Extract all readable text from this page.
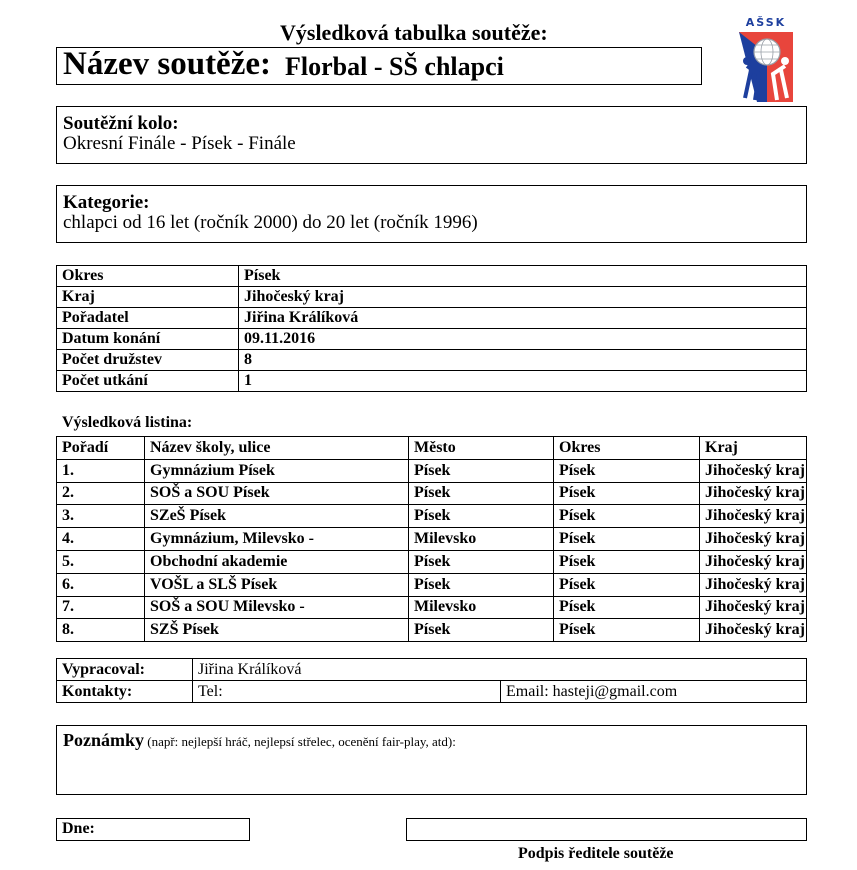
Výsledková tabulka soutěže:
Název soutěže: Florbal - SŠ chlapci
AŠSK
Soutěžní kolo:
Okresní Finále - Písek - Finále
Kategorie:
chlapci od 16 let (ročník 2000) do 20 let (ročník 1996)
Okres	Písek
Kraj	Jihočeský kraj
Pořadatel	Jiřina Králíková
Datum konání	09.11.2016
Počet družstev	8
Počet utkání	1
Výsledková listina:
Pořadí	Název školy, ulice	Město	Okres	Kraj
1.	Gymnázium Písek	Písek	Písek	Jihočeský kraj
2.	SOŠ a SOU Písek	Písek	Písek	Jihočeský kraj
3.	SZeŠ Písek	Písek	Písek	Jihočeský kraj
4.	Gymnázium, Milevsko -	Milevsko	Písek	Jihočeský kraj
5.	Obchodní akademie	Písek	Písek	Jihočeský kraj
6.	VOŠL a SLŠ Písek	Písek	Písek	Jihočeský kraj
7.	SOŠ a SOU Milevsko -	Milevsko	Písek	Jihočeský kraj
8.	SZŠ Písek	Písek	Písek	Jihočeský kraj
Vypracoval:	Jiřina Králíková	
Kontakty:	Tel:	Email: hasteji@gmail.com
Poznámky (např: nejlepší hráč, nejlepsí střelec, ocenění fair-play, atd):
Dne:
Podpis ředitele soutěže
